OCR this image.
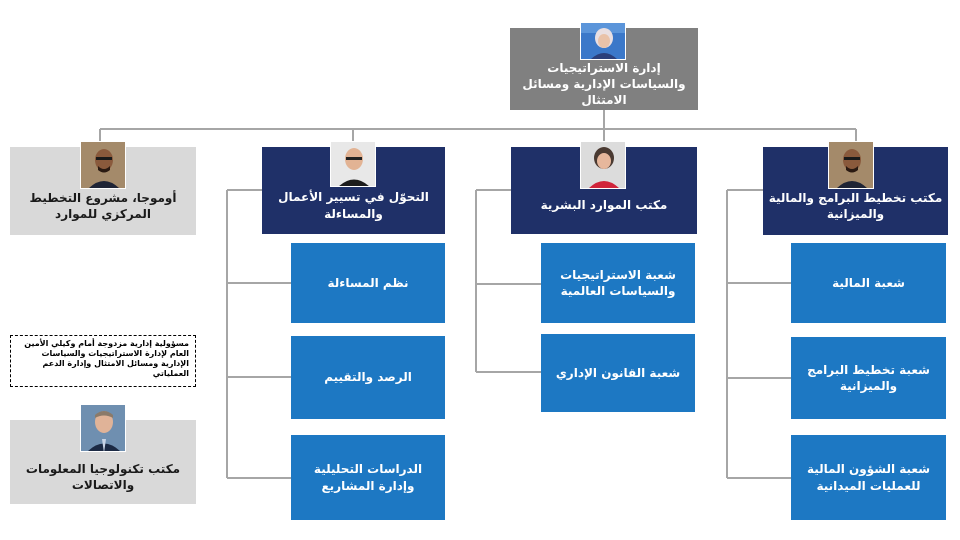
إدارة الاستراتيجيات والسياسات الإدارية ومسائل الامتثال
مكتب تخطيط البرامج والمالية والميزانية
شعبة المالية
شعبة تخطيط البرامج والميزانية
شعبة الشؤون المالية للعمليات الميدانية
مكتب الموارد البشرية
شعبة الاستراتيجيات والسياسات العالمية
شعبة القانون الإداري
التحوّل في تسيير الأعمال والمساءلة
نظم المساءلة
الرصد والتقييم
الدراسات التحليلية وإدارة المشاريع
أوموجا، مشروع التخطيط المركزي للموارد
مسؤولية إدارية مزدوجة أمام وكيلي الأمين العام لإدارة الاستراتيجيات والسياسات الإدارية ومسائل الامتثال وإدارة الدعم العملياتي
مكتب تكنولوجيا المعلومات والاتصالات
